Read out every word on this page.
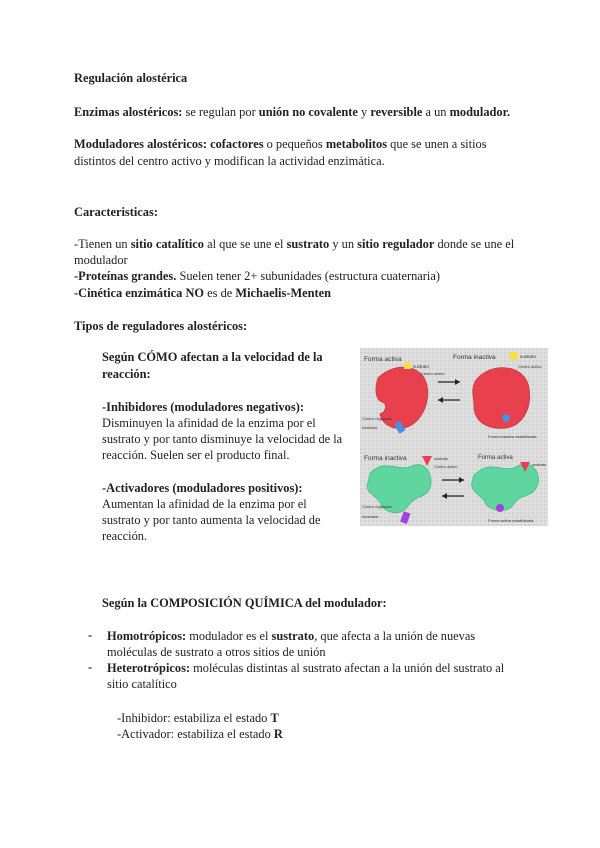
Regulación alostérica
Enzimas alostéricos: se regulan por unión no covalente y reversible a un modulador.
Moduladores alostéricos: cofactores o pequeños metabolitos que se unen a sitios
distintos del centro activo y modifican la actividad enzimática.
Caracteristicas:
-Tienen un sitio catalítico al que se une el sustrato y un sitio regulador donde se une el
modulador
-Proteínas grandes. Suelen tener 2+ subunidades (estructura cuaternaria)
-Cinética enzimática NO es de Michaelis-Menten
Tipos de reguladores alostéricos:
Según CÓMO afectan a la velocidad de la
reacción:
-Inhibidores (moduladores negativos):
Disminuyen la afinidad de la enzima por el
sustrato y por tanto disminuye la velocidad de la
reacción. Suelen ser el producto final.
-Activadores (moduladores positivos):
Aumentan la afinidad de la enzima por el
sustrato y por tanto aumenta la velocidad de
reacción.
Forma activa	Forma inactiva
Forma inactiva	Forma activa
sustrato
Centro activo
Centro regulador
Inhibidor
sustrato
Centro activo
Forma inactiva estabilizada
sustrato
Centro activo
Centro regulador
Activador
sustrato
Forma activa estabilizada
Según la COMPOSICIÓN QUÍMICA del modulador:
- Homotrópicos: modulador es el sustrato, que afecta a la unión de nuevas
moléculas de sustrato a otros sitios de unión
- Heterotrópicos: moléculas distintas al sustrato afectan a la unión del sustrato al
sitio catalítico
-Inhibidor: estabiliza el estado T
-Activador: estabiliza el estado R
